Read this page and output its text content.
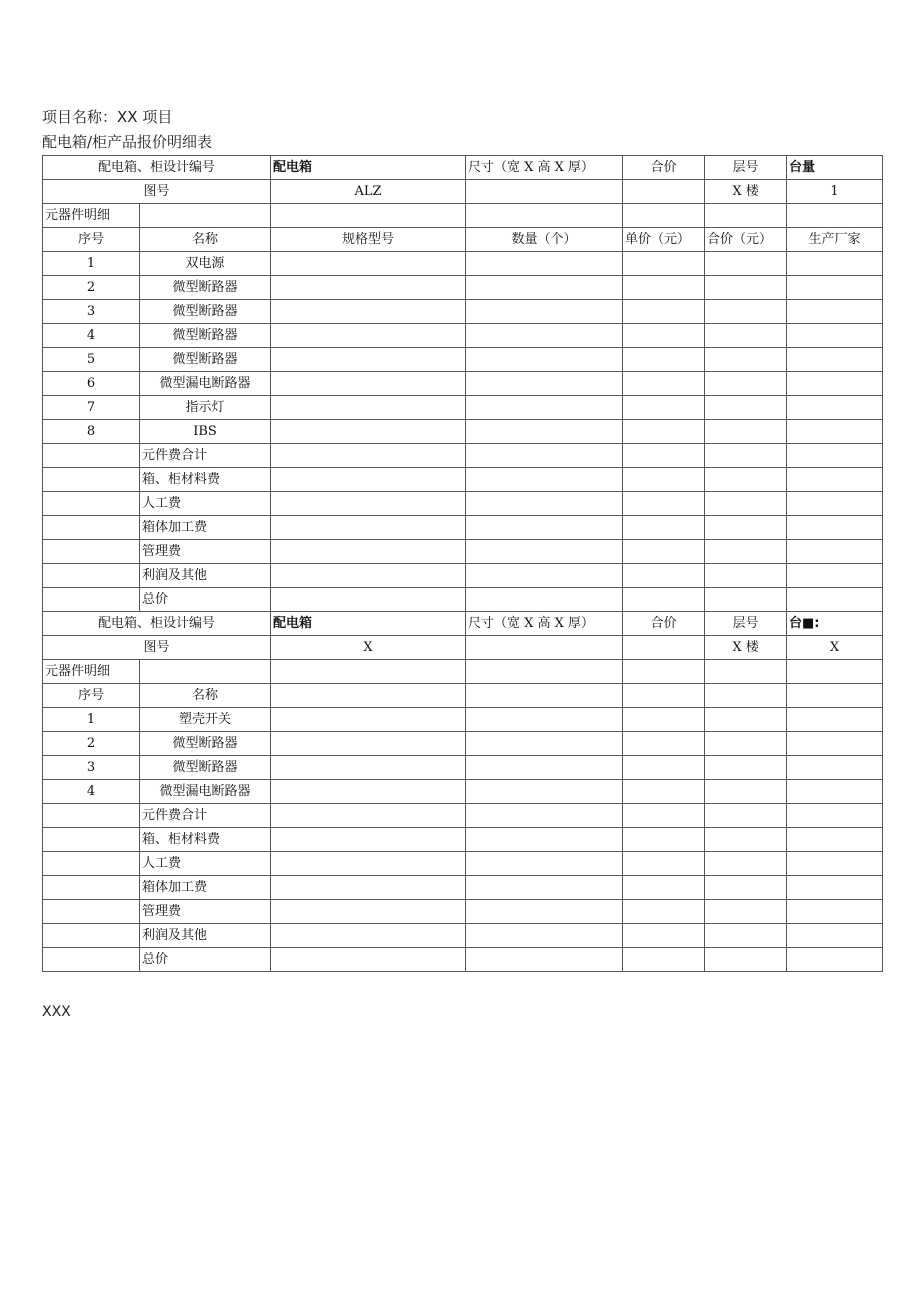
项目名称：XX 项目
配电箱/柜产品报价明细表
配电箱、柜设计编号		配电箱	尺寸（宽 X 高 X 厚）	合价	层号	台量
图号		ALZ			X 楼	1
元器件明细						
序号	名称	规格型号	数量（个）	单价（元）	合价（元）	生产厂家
1	双电源					
2	微型断路器					
3	微型断路器					
4	微型断路器					
5	微型断路器					
6	微型漏电断路器					
7	指示灯					
8	IBS					
	元件费合计					
	箱、柜材料费					
	人工费					
	箱体加工费					
	管理费					
	利润及其他					
	总价					
配电箱、柜设计编号		配电箱	尺寸（宽 X 高 X 厚）	合价	层号	台■:
图号		X			X 楼	X
元器件明细						
序号	名称					
1	塑壳开关					
2	微型断路器					
3	微型断路器					
4	微型漏电断路器					
	元件费合计					
	箱、柜材料费					
	人工费					
	箱体加工费					
	管理费					
	利润及其他					
	总价					
XXX
